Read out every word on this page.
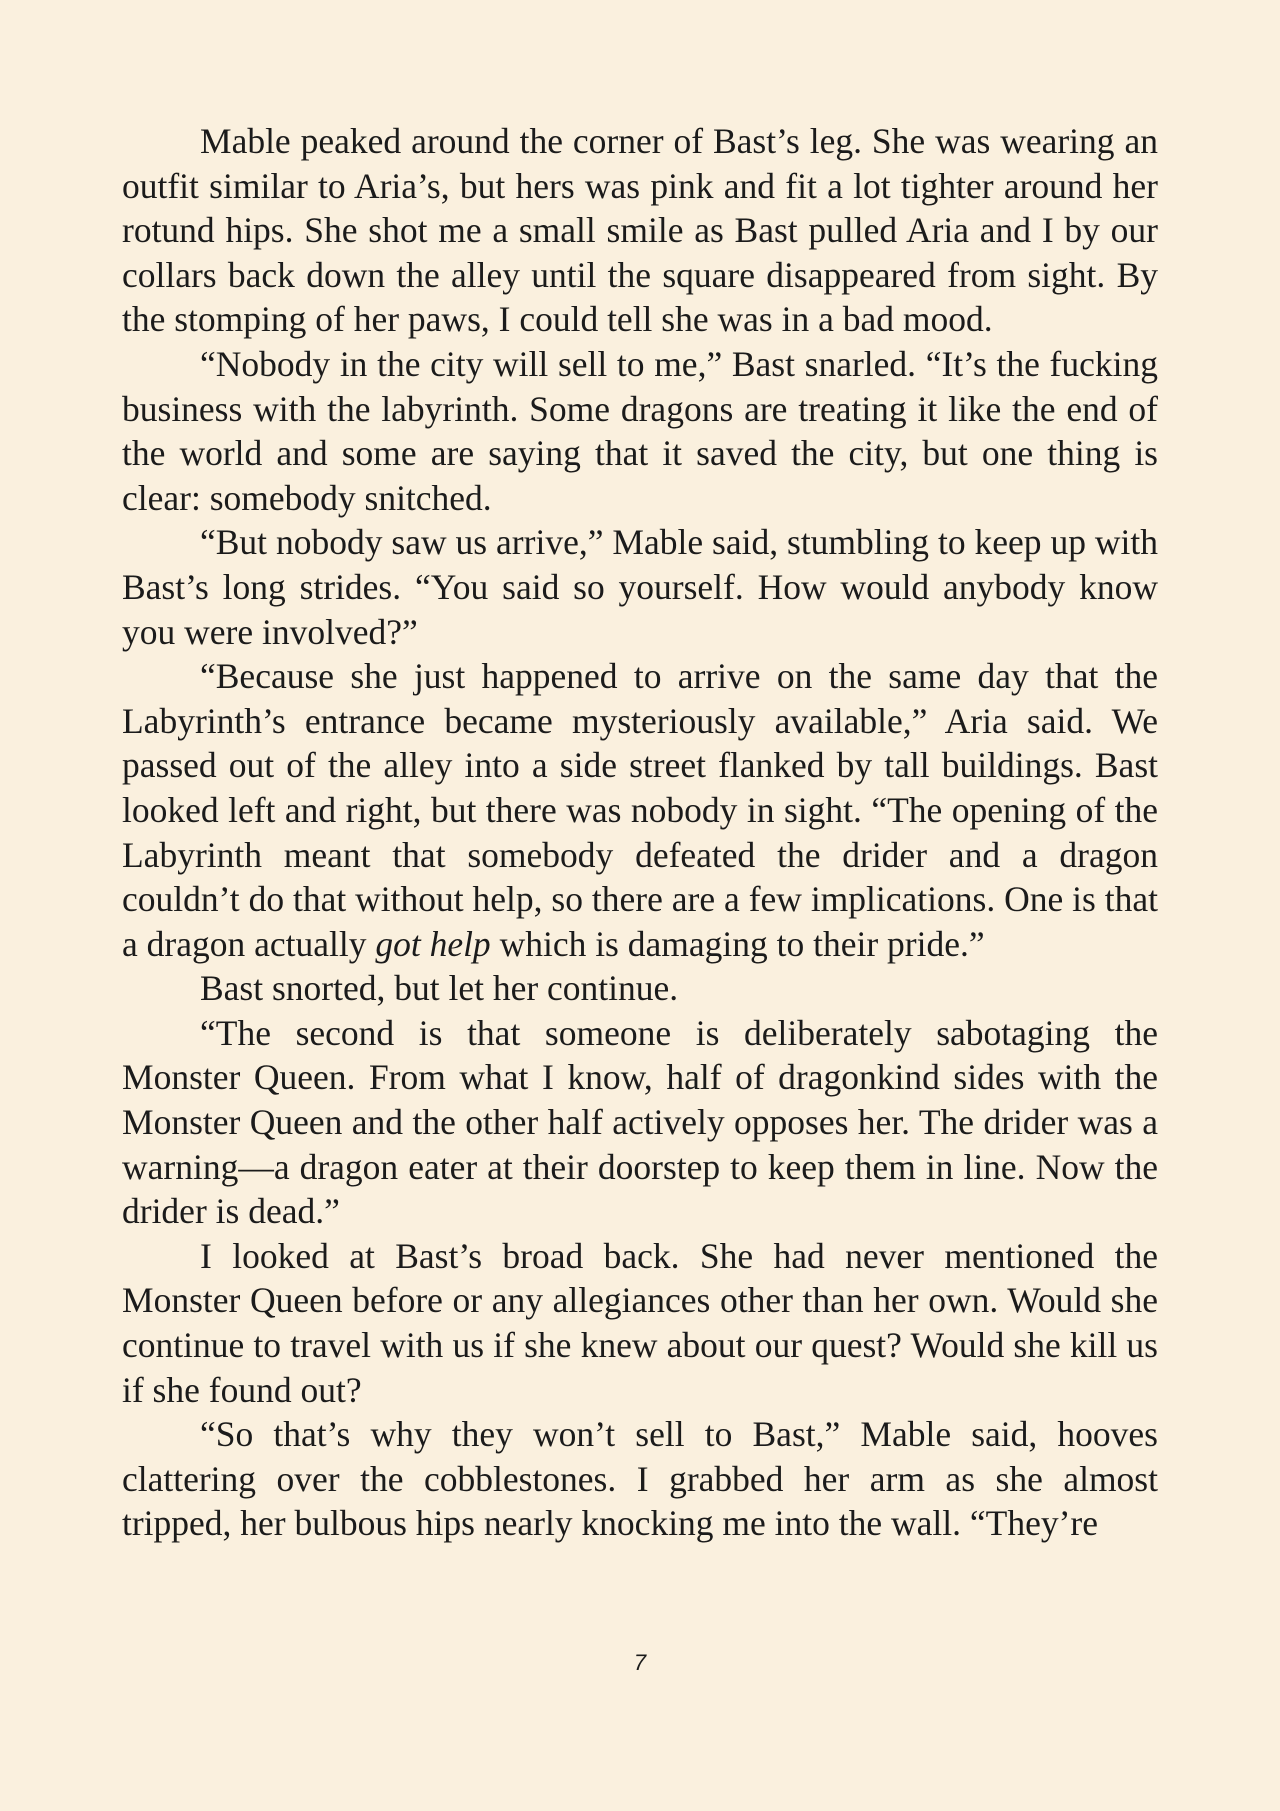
Mable peaked around the corner of Bast’s leg. She was wearing an outfit similar to Aria’s, but hers was pink and fit a lot tighter around her rotund hips. She shot me a small smile as Bast pulled Aria and I by our collars back down the alley until the square disappeared from sight. By the stomping of her paws, I could tell she was in a bad mood.

“Nobody in the city will sell to me,” Bast snarled. “It’s the fucking business with the labyrinth. Some dragons are treating it like the end of the world and some are saying that it saved the city, but one thing is clear: somebody snitched.

“But nobody saw us arrive,” Mable said, stumbling to keep up with Bast’s long strides. “You said so yourself. How would anybody know you were involved?”

“Because she just happened to arrive on the same day that the Labyrinth’s entrance became mysteriously available,” Aria said. We passed out of the alley into a side street flanked by tall buildings. Bast looked left and right, but there was nobody in sight. “The opening of the Labyrinth meant that somebody defeated the drider and a dragon couldn’t do that without help, so there are a few implications. One is that a dragon actually got help which is damaging to their pride.”

Bast snorted, but let her continue.

“The second is that someone is deliberately sabotaging the Monster Queen. From what I know, half of dragonkind sides with the Monster Queen and the other half actively opposes her. The drider was a warning—a dragon eater at their doorstep to keep them in line. Now the drider is dead.”

I looked at Bast’s broad back. She had never mentioned the Monster Queen before or any allegiances other than her own. Would she continue to travel with us if she knew about our quest? Would she kill us if she found out?

“So that’s why they won’t sell to Bast,” Mable said, hooves clattering over the cobblestones. I grabbed her arm as she almost tripped, her bulbous hips nearly knocking me into the wall. “They’re

7
